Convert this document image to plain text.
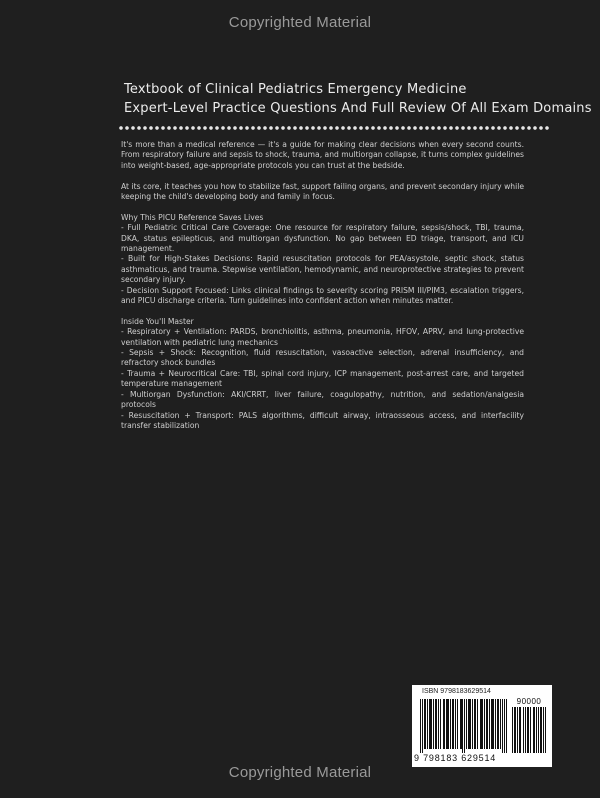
Copyrighted Material
Textbook of Clinical Pediatrics Emergency Medicine
Expert-Level Practice Questions And Full Review Of All Exam Domains

It's more than a medical reference — it's a guide for making clear decisions when every second counts. From respiratory failure and sepsis to shock, trauma, and multiorgan collapse, it turns complex guidelines into weight-based, age-appropriate protocols you can trust at the bedside.

At its core, it teaches you how to stabilize fast, support failing organs, and prevent secondary injury while keeping the child's developing body and family in focus.

Why This PICU Reference Saves Lives
- Full Pediatric Critical Care Coverage: One resource for respiratory failure, sepsis/shock, TBI, trauma, DKA, status epilepticus, and multiorgan dysfunction. No gap between ED triage, transport, and ICU management.
- Built for High-Stakes Decisions: Rapid resuscitation protocols for PEA/asystole, septic shock, status asthmaticus, and trauma. Stepwise ventilation, hemodynamic, and neuroprotective strategies to prevent secondary injury.
- Decision Support Focused: Links clinical findings to severity scoring PRISM III/PIM3, escalation triggers, and PICU discharge criteria. Turn guidelines into confident action when minutes matter.
Inside You'll Master
- Respiratory + Ventilation: PARDS, bronchiolitis, asthma, pneumonia, HFOV, APRV, and lung-protective ventilation with pediatric lung mechanics
- Sepsis + Shock: Recognition, fluid resuscitation, vasoactive selection, adrenal insufficiency, and refractory shock bundles
- Trauma + Neurocritical Care: TBI, spinal cord injury, ICP management, post-arrest care, and targeted temperature management
- Multiorgan Dysfunction: AKI/CRRT, liver failure, coagulopathy, nutrition, and sedation/analgesia protocols
- Resuscitation + Transport: PALS algorithms, difficult airway, intraosseous access, and interfacility transfer stabilization
ISBN 9798183629514
90000
9 798183 629514
Copyrighted Material
